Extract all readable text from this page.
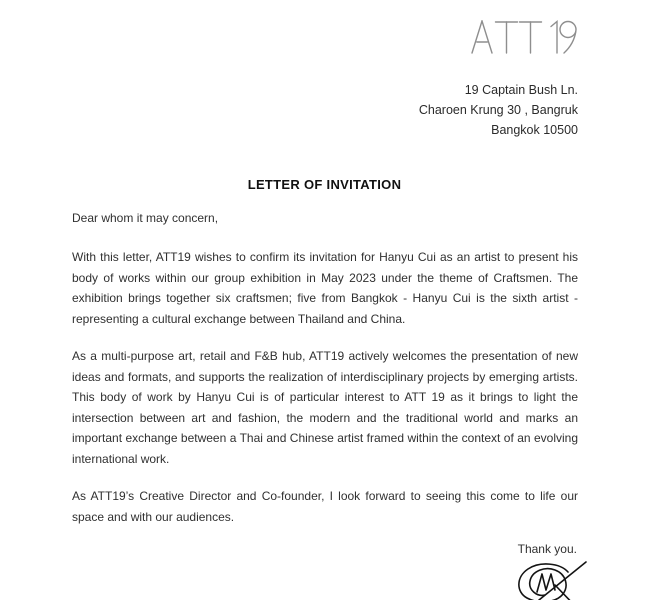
19 Captain Bush Ln.
Charoen Krung 30 , Bangruk
Bangkok 10500
LETTER OF INVITATION
Dear whom it may concern,

With this letter, ATT19 wishes to confirm its invitation for Hanyu Cui as an artist to present his body of works within our group exhibition in May 2023 under the theme of Craftsmen. The exhibition brings together six craftsmen; five from Bangkok - Hanyu Cui is the sixth artist - representing a cultural exchange between Thailand and China.

As a multi-purpose art, retail and F&B hub, ATT19 actively welcomes the presentation of new ideas and formats, and supports the realization of interdisciplinary projects by emerging artists. This body of work by Hanyu Cui is of particular interest to ATT 19 as it brings to light the intersection between art and fashion, the modern and the traditional world and marks an important exchange between a Thai and Chinese artist framed within the context of an evolving international work.

As ATT19’s Creative Director and Co-founder, I look forward to seeing this come to life our space and with our audiences.

Thank you.
